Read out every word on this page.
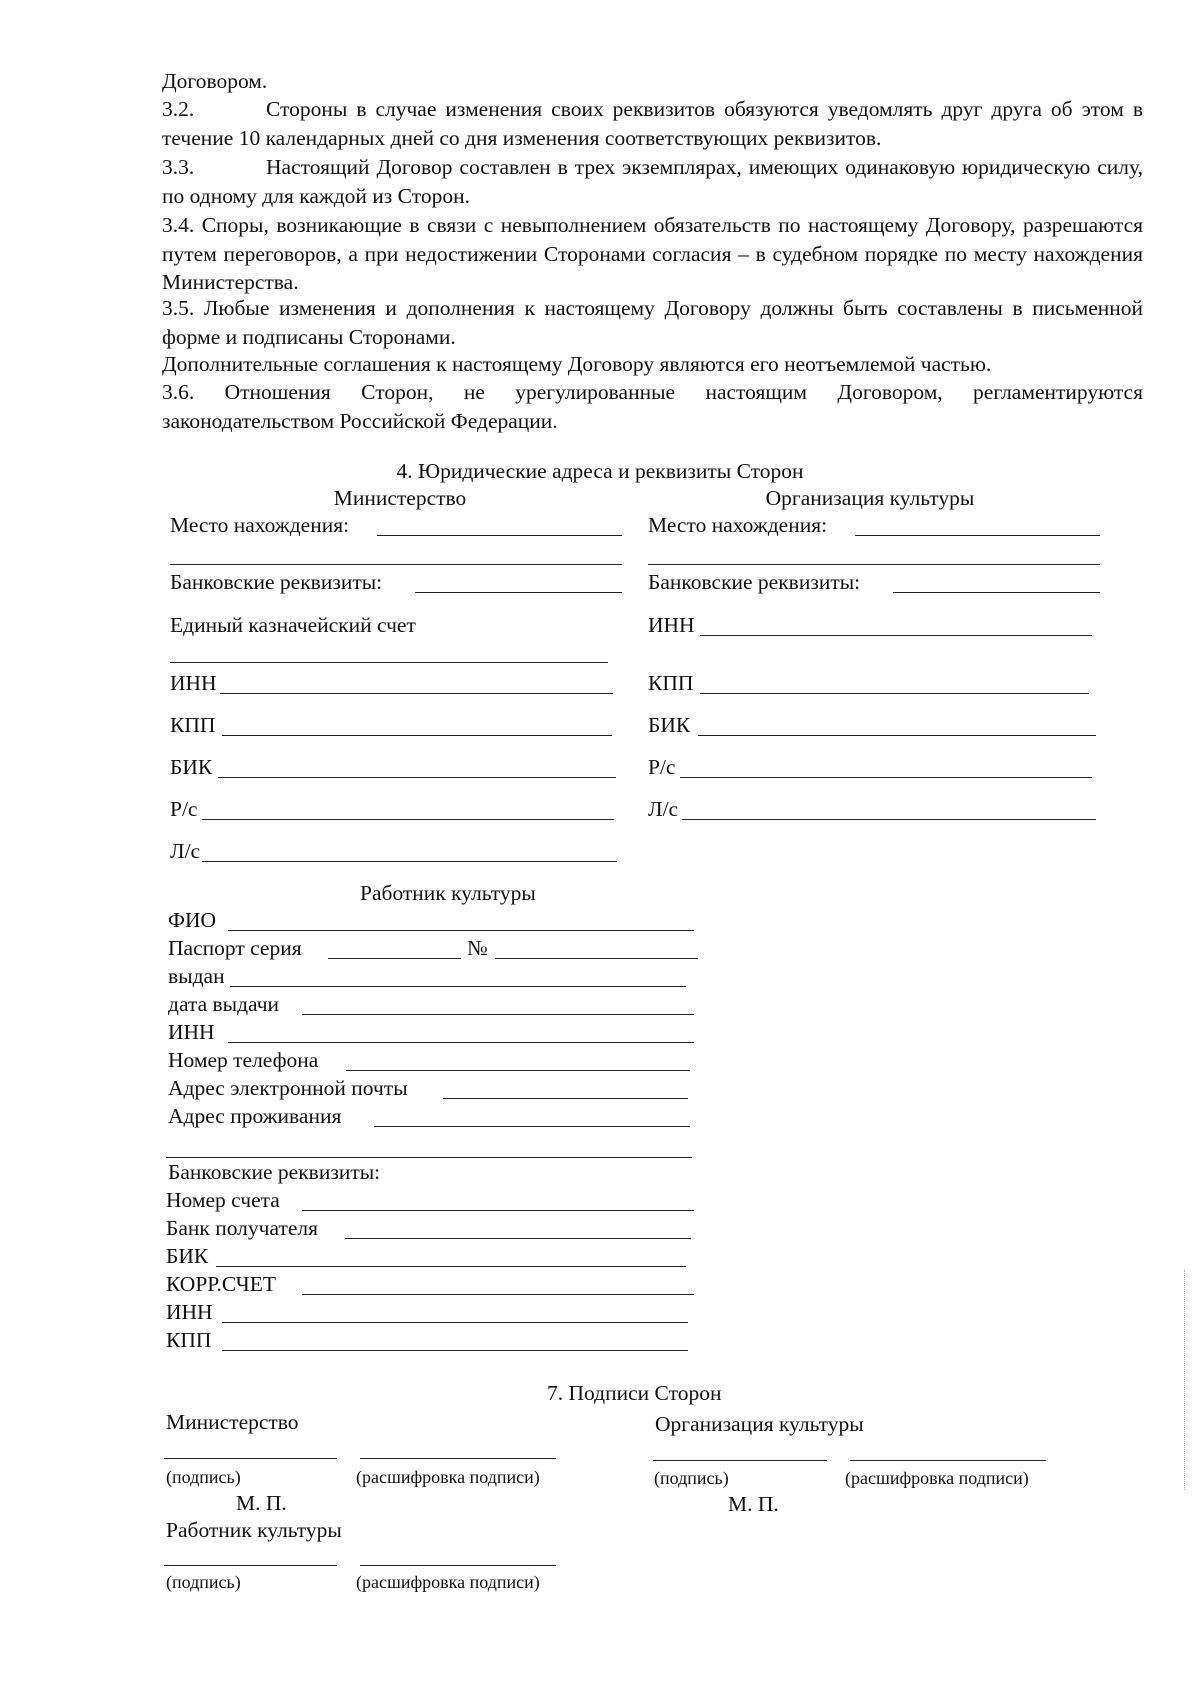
Договором.
3.2.	Стороны в случае изменения своих реквизитов обязуются уведомлять друг друга об этом в течение 10 календарных дней со дня изменения соответствующих реквизитов.
3.3.	Настоящий Договор составлен в трех экземплярах, имеющих одинаковую юридическую силу, по одному для каждой из Сторон.
3.4. Споры, возникающие в связи с невыполнением обязательств по настоящему Договору, разрешаются путем переговоров, а при недостижении Сторонами согласия – в судебном порядке по месту нахождения Министерства.
3.5. Любые изменения и дополнения к настоящему Договору должны быть составлены в письменной форме и подписаны Сторонами.
Дополнительные соглашения к настоящему Договору являются его неотъемлемой частью.
3.6. Отношения Сторон, не урегулированные настоящим Договором, регламентируются законодательством Российской Федерации.
4. Юридические адреса и реквизиты Сторон
Министерство
Место нахождения:
Банковские реквизиты:
Единый казначейский счет
ИНН
КПП
БИК
Р/с
Л/с
Организация культуры
Место нахождения:
Банковские реквизиты:
ИНН
КПП
БИК
Р/с
Л/с
Работник культуры
ФИО
Паспорт серия	№
выдан
дата выдачи
ИНН
Номер телефона
Адрес электронной почты
Адрес проживания
Банковские реквизиты:
Номер счета
Банк получателя
БИК
КОРР.СЧЕТ
ИНН
КПП
7. Подписи Сторон
Министерство	Организация культуры
(подпись)	(расшифровка подписи)	(подпись)	(расшифровка подписи)
М. П.	М. П.
Работник культуры
(подпись)	(расшифровка подписи)
